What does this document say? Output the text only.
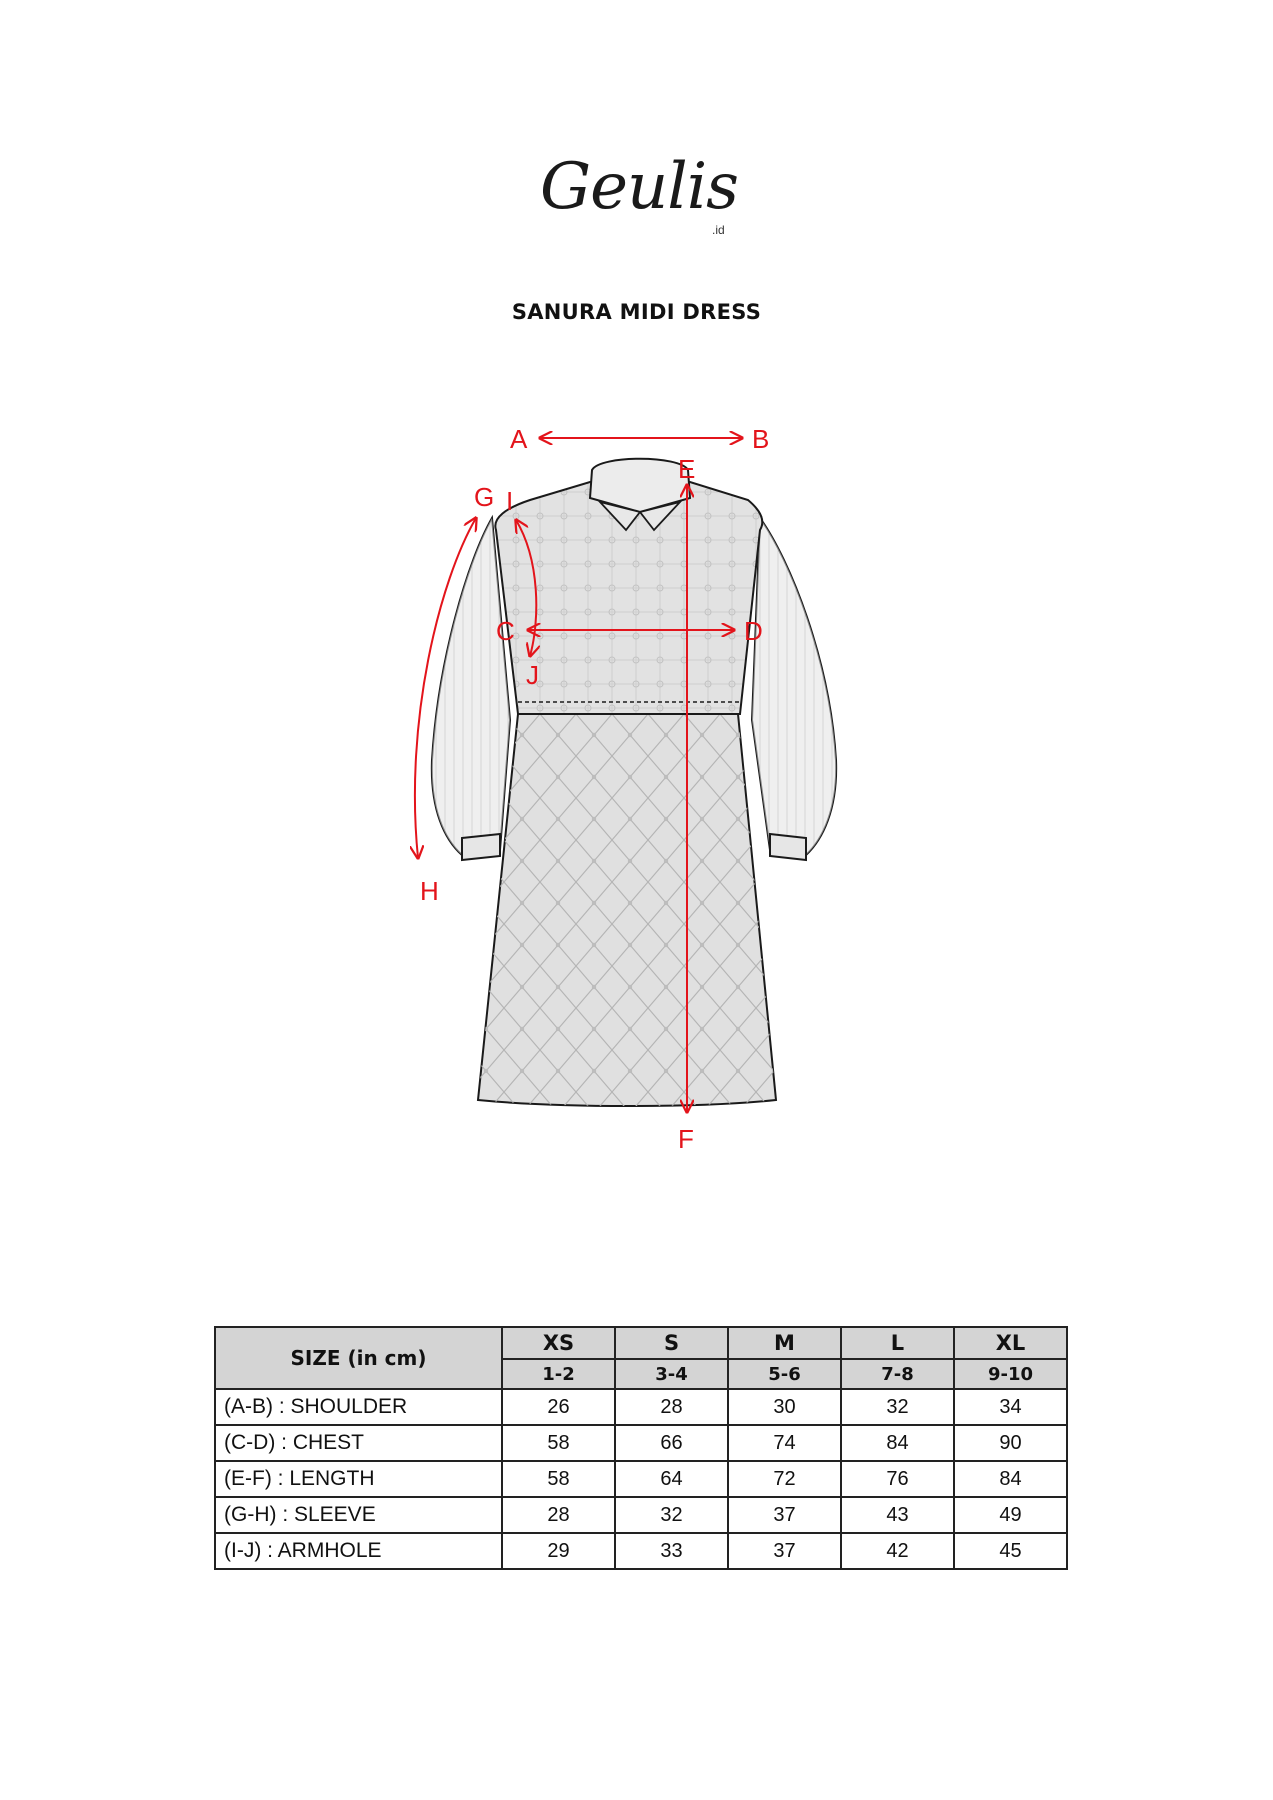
Geulis
.id
SANURA MIDI DRESS
A	B
C	D
E
F
G
H
I
J
SIZE (in cm)	XS	S	M	L	XL
	1-2	3-4	5-6	7-8	9-10
(A-B) : SHOULDER	26	28	30	32	34
(C-D) : CHEST	58	66	74	84	90
(E-F) : LENGTH	58	64	72	76	84
(G-H) : SLEEVE	28	32	37	43	49
(I-J) : ARMHOLE	29	33	37	42	45
